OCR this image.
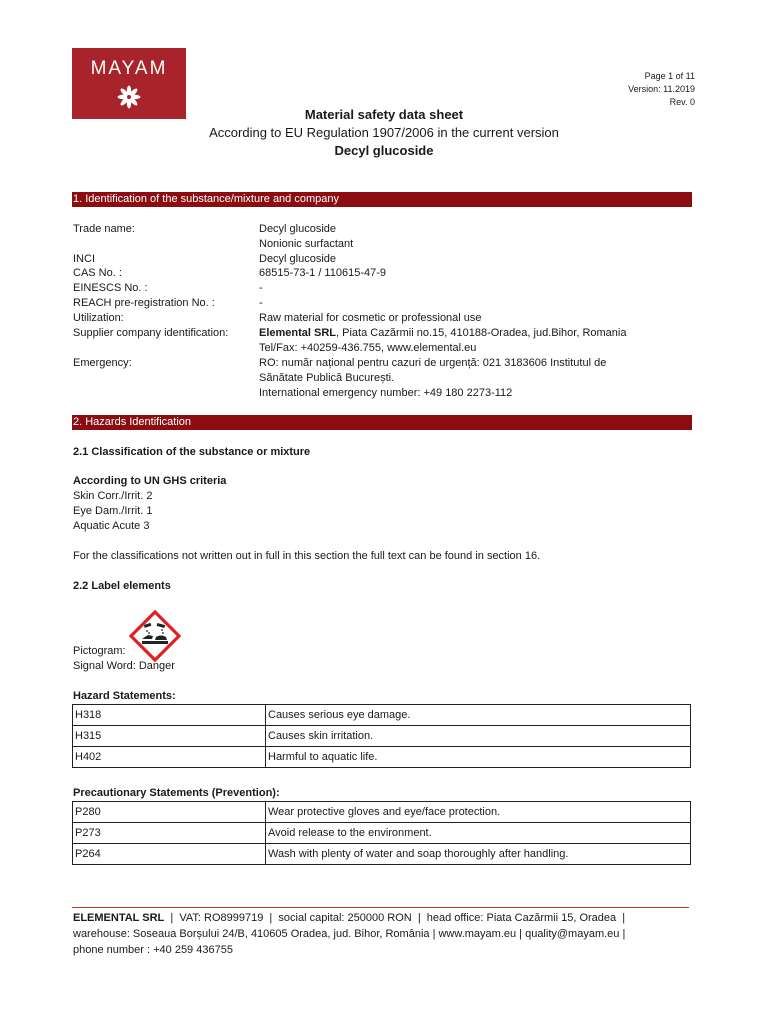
MAYAM	Page 1 of 11
Version: 11.2019
Rev. 0
Material safety data sheet
According to EU Regulation 1907/2006 in the current version
Decyl glucoside
1. Identification of the substance/mixture and company
Trade name:	Decyl glucoside
Nonionic surfactant
INCI	Decyl glucoside
CAS No. :	68515-73-1 / 110615-47-9
EINESCS No. :	-
REACH pre-registration No. :	-
Utilization:	Raw material for cosmetic or professional use
Supplier company identification:	Elemental SRL, Piata Cazărmii no.15, 410188-Oradea, jud.Bihor, Romania
Tel/Fax: +40259-436.755, www.elemental.eu
Emergency:	RO: număr național pentru cazuri de urgență: 021 3183606 Institutul de
Sănătate Publică București.
International emergency number: +49 180 2273-112
2. Hazards Identification
2.1 Classification of the substance or mixture
According to UN GHS criteria
Skin Corr./Irrit. 2
Eye Dam./Irrit. 1
Aquatic Acute 3
For the classifications not written out in full in this section the full text can be found in section 16.
2.2 Label elements
Pictogram:
Signal Word: Danger
Hazard Statements:
H318	Causes serious eye damage.
H315	Causes skin irritation.
H402	Harmful to aquatic life.
Precautionary Statements (Prevention):
P280	Wear protective gloves and eye/face protection.
P273	Avoid release to the environment.
P264	Wash with plenty of water and soap thoroughly after handling.
ELEMENTAL SRL  |  VAT: RO8999719  |  social capital: 250000 RON  |  head office: Piata Cazărmii 15, Oradea  |
warehouse: Soseaua Borșului 24/B, 410605 Oradea, jud. Bihor, România | www.mayam.eu | quality@mayam.eu |
phone number : +40 259 436755
